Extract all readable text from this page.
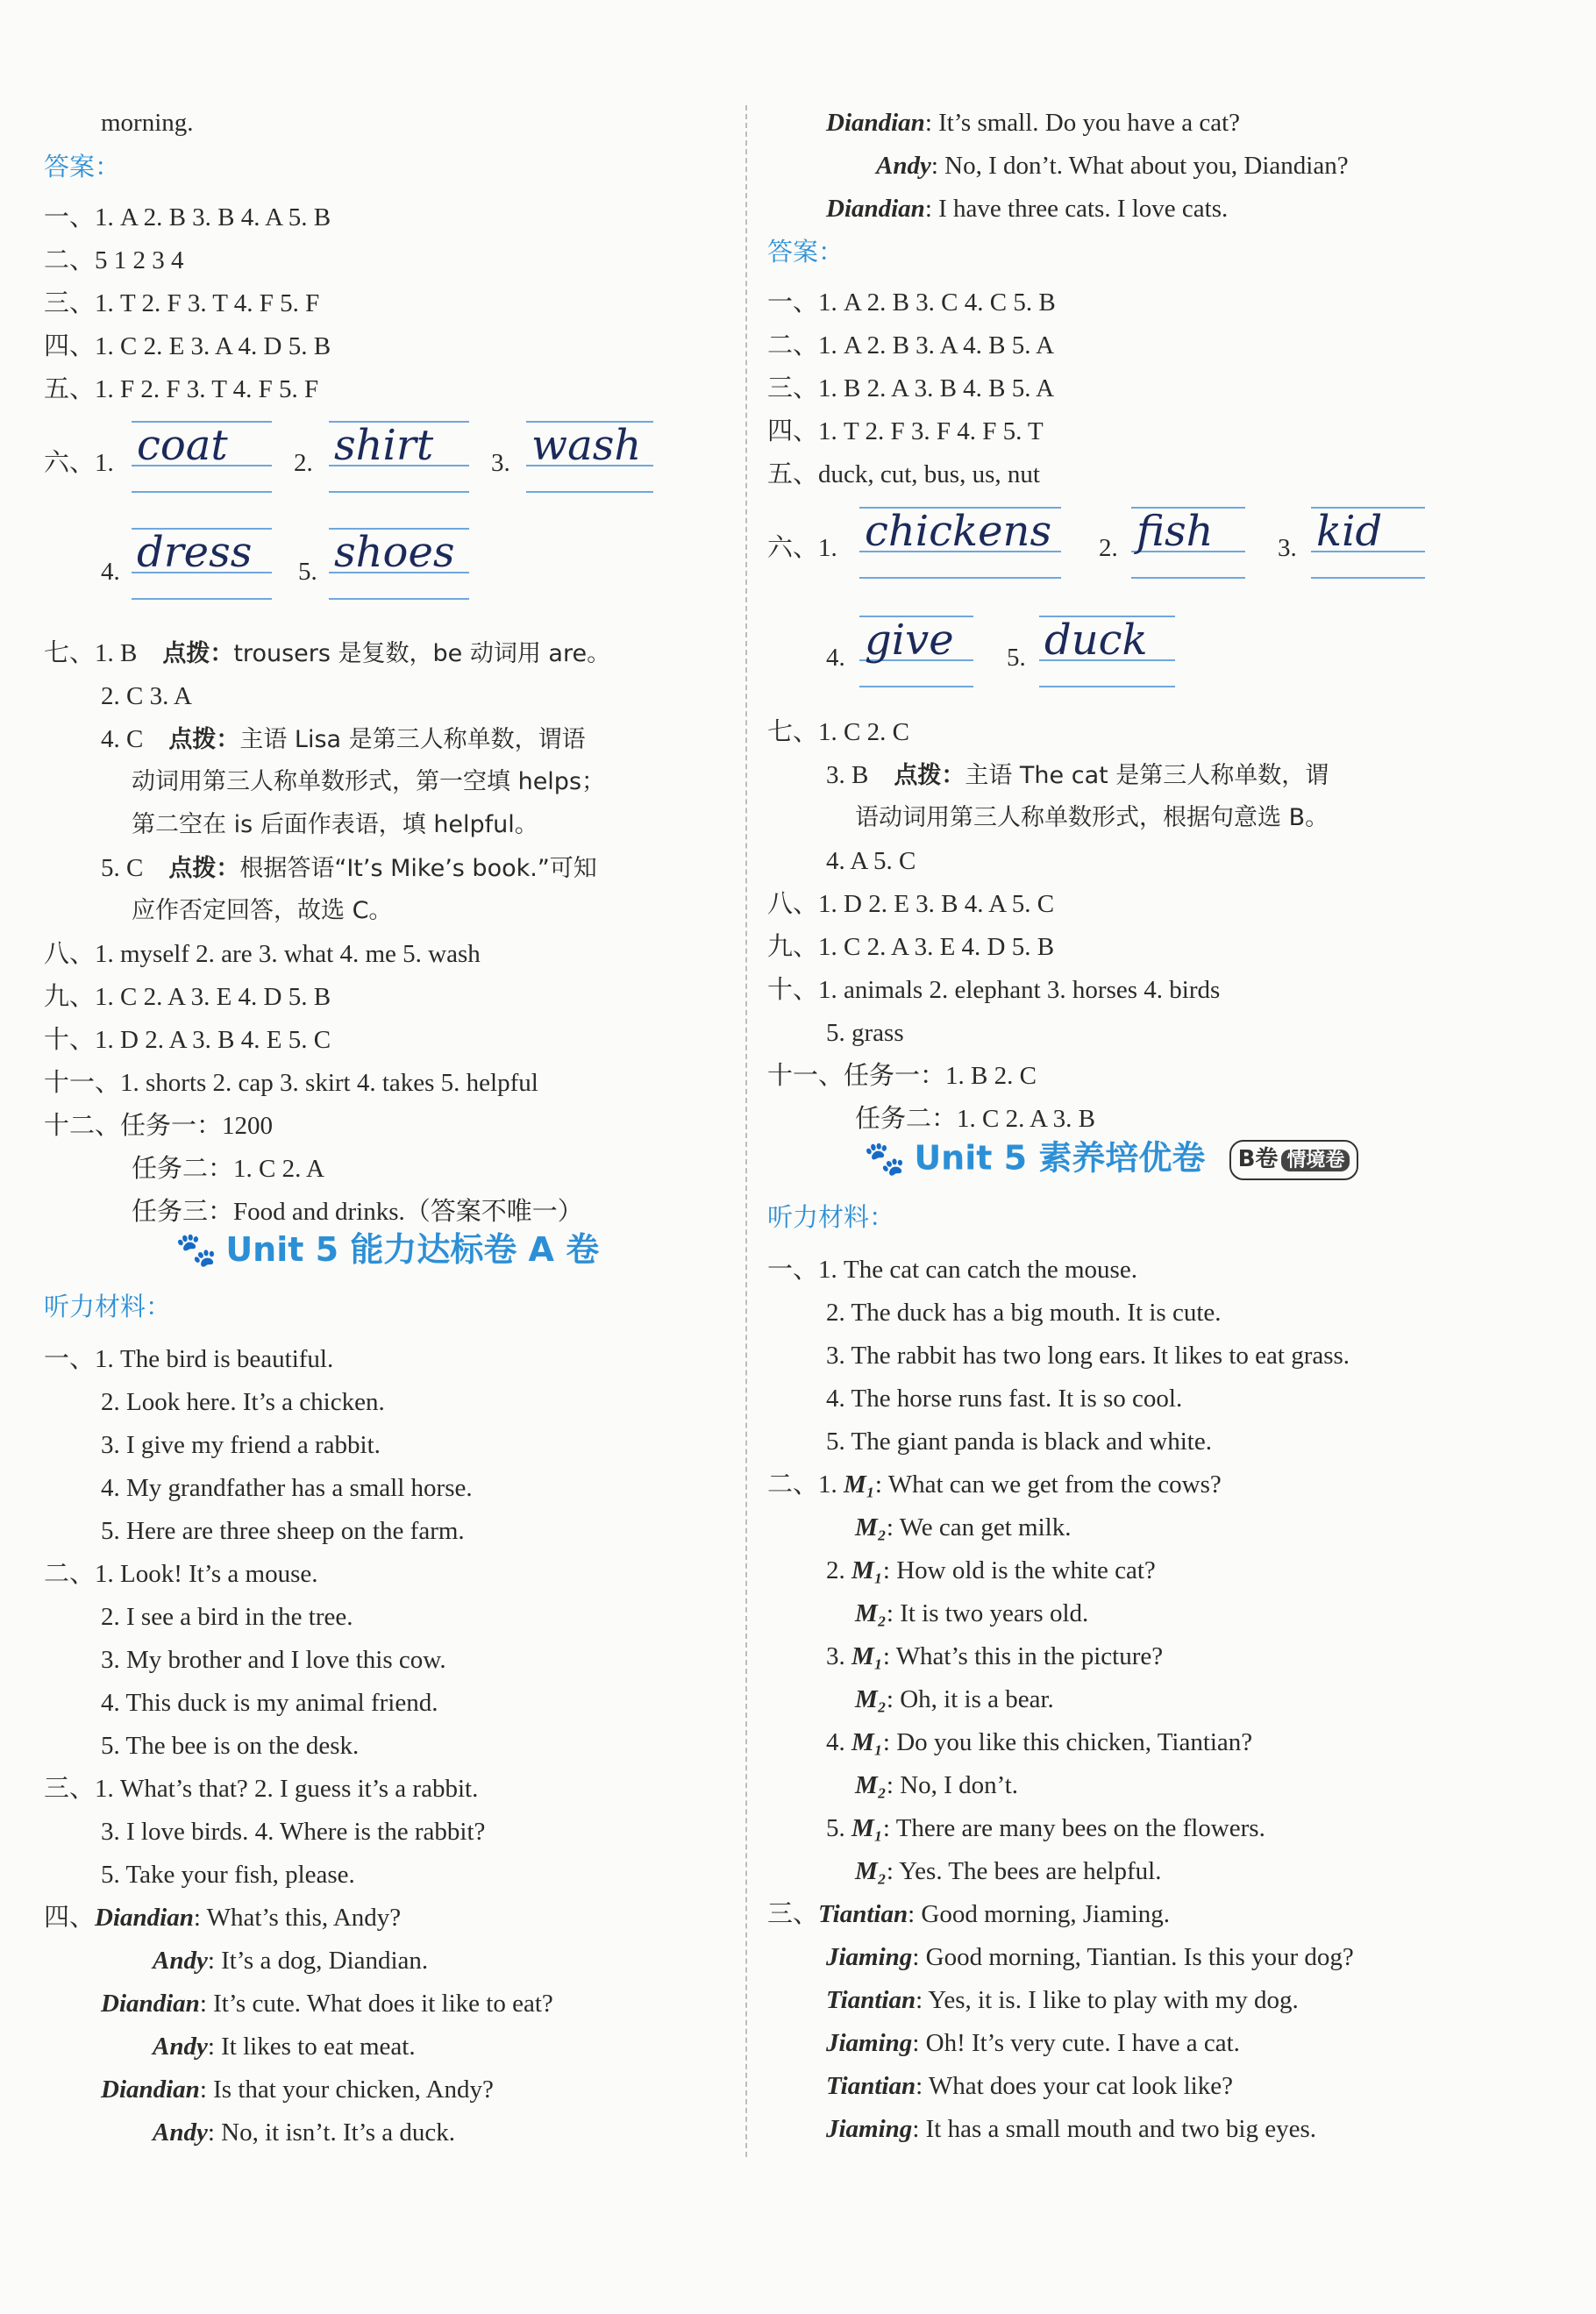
morning.
答案：
一、1. A 2. B 3. B 4. A 5. B
二、5 1 2 3 4
三、1. T 2. F 3. T 4. F 5. F
四、1. C 2. E 3. A 4. D 5. B
五、1. F 2. F 3. T 4. F 5. F
六、1. coat	2. shirt 3. wash
4. dress 5. shoes
七、1. B 点拨：trousers 是复数，be 动词用 are。
2. C 3. A
4. C 点拨：主语 Lisa 是第三人称单数，谓语
动词用第三人称单数形式，第一空填 helps；
第二空在 is 后面作表语，填 helpful。
5. C 点拨：根据答语“It’s Mike’s book.”可知
应作否定回答，故选 C。
八、1. myself 2. are 3. what 4. me 5. wash
九、1. C 2. A 3. E 4. D 5. B
十、1. D 2. A 3. B 4. E 5. C
十一、1. shorts 2. cap 3. skirt 4. takes 5. helpful
十二、任务一：1200
任务二：1. C 2. A
任务三：Food and drinks.（答案不唯一）
🐾 Unit 5 能力达标卷 A 卷
听力材料：
一、1. The bird is beautiful.
2. Look here. It’s a chicken.
3. I give my friend a rabbit.
4. My grandfather has a small horse.
5. Here are three sheep on the farm.
二、1. Look! It’s a mouse.
2. I see a bird in the tree.
3. My brother and I love this cow.
4. This duck is my animal friend.
5. The bee is on the desk.
三、1. What’s that? 2. I guess it’s a rabbit.
3. I love birds. 4. Where is the rabbit?
5. Take your fish, please.
四、Diandian: What’s this, Andy?
Andy: It’s a dog, Diandian.
Diandian: It’s cute. What does it like to eat?
Andy: It likes to eat meat.
Diandian: Is that your chicken, Andy?
Andy: No, it isn’t. It’s a duck.
Diandian: It’s small. Do you have a cat?
Andy: No, I don’t. What about you, Diandian?
Diandian: I have three cats. I love cats.
答案：
一、1. A 2. B 3. C 4. C 5. B
二、1. A 2. B 3. A 4. B 5. A
三、1. B 2. A 3. B 4. B 5. A
四、1. T 2. F 3. F 4. F 5. T
五、duck, cut, bus, us, nut
六、1. chickens 2. fish	3. kid
4. give 5. duck
七、1. C 2. C
3. B 点拨：主语 The cat 是第三人称单数，谓
语动词用第三人称单数形式，根据句意选 B。
4. A 5. C
八、1. D 2. E 3. B 4. A 5. C
九、1. C 2. A 3. E 4. D 5. B
十、1. animals 2. elephant 3. horses 4. birds
5. grass
十一、任务一：1. B 2. C
任务二：1. C 2. A 3. B
🐾 Unit 5 素养培优卷 B卷 情境卷
听力材料：
一、1. The cat can catch the mouse.
2. The duck has a big mouth. It is cute.
3. The rabbit has two long ears. It likes to eat grass.
4. The horse runs fast. It is so cool.
5. The giant panda is black and white.
二、1. M₁: What can we get from the cows?
M₂: We can get milk.
2. M₁: How old is the white cat?
M₂: It is two years old.
3. M₁: What’s this in the picture?
M₂: Oh, it is a bear.
4. M₁: Do you like this chicken, Tiantian?
M₂: No, I don’t.
5. M₁: There are many bees on the flowers.
M₂: Yes. The bees are helpful.
三、Tiantian: Good morning, Jiaming.
Jiaming: Good morning, Tiantian. Is this your dog?
Tiantian: Yes, it is. I like to play with my dog.
Jiaming: Oh! It’s very cute. I have a cat.
Tiantian: What does your cat look like?
Jiaming: It has a small mouth and two big eyes.
